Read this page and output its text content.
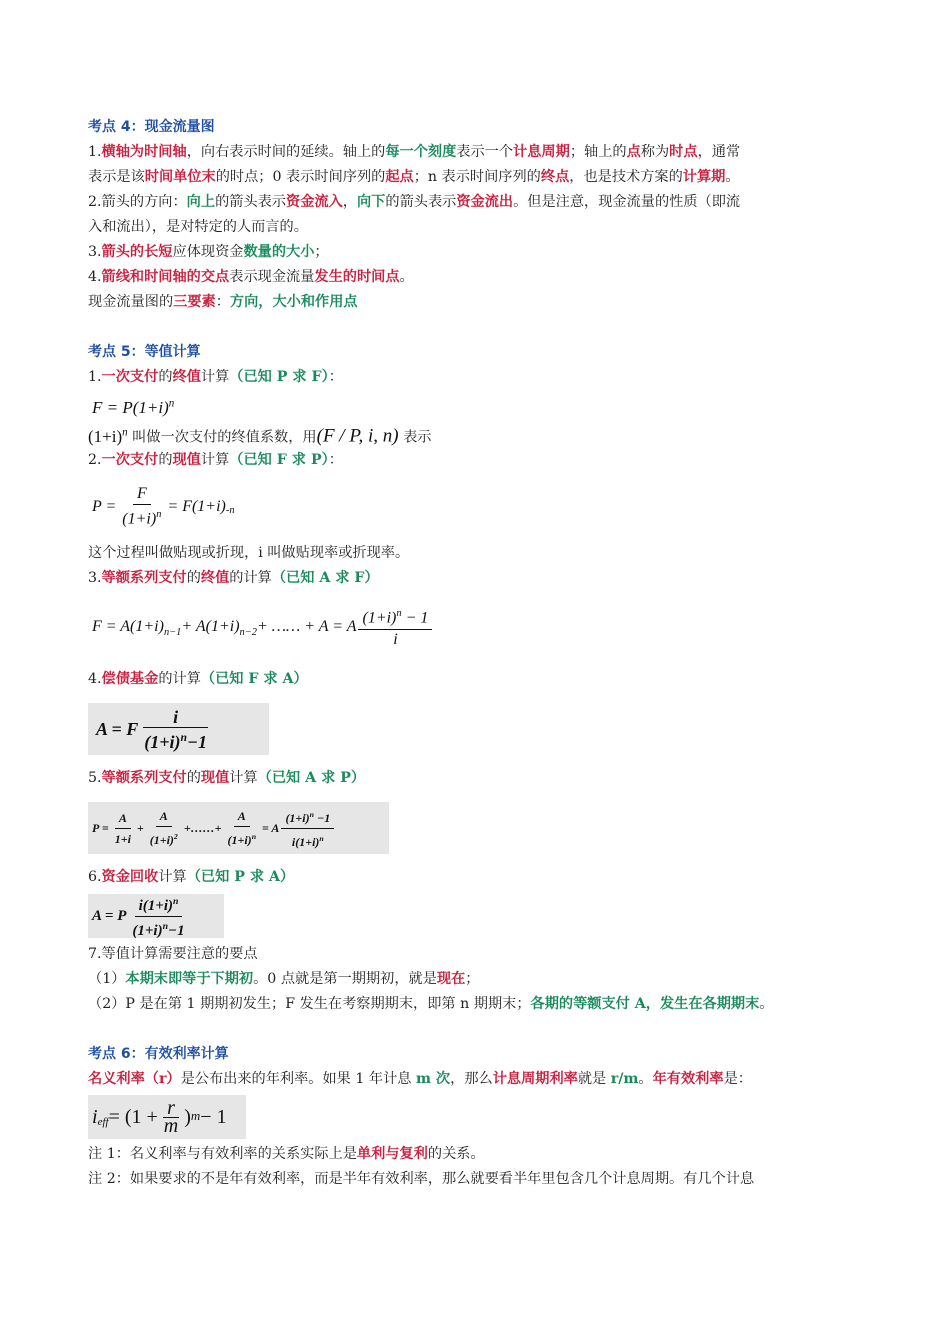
考点 4：现金流量图
1.横轴为时间轴，向右表示时间的延续。轴上的每一个刻度表示一个计息周期；轴上的点称为时点，通常
表示是该时间单位末的时点；0 表示时间序列的起点；n 表示时间序列的终点，也是技术方案的计算期。
2.箭头的方向：向上的箭头表示资金流入，向下的箭头表示资金流出。但是注意，现金流量的性质（即流
入和流出），是对特定的人而言的。
3.箭头的长短应体现资金数量的大小；
4.箭线和时间轴的交点表示现金流量发生的时间点。
现金流量图的三要素：方向，大小和作用点
考点 5：等值计算
1.一次支付的终值计算（已知 P 求 F）：
$F = P(1+i)^n$
$(1+i)^n$ 叫做一次支付的终值系数，用(F / P, i, n) 表示
2.一次支付的现值计算（已知 F 求 P）：
$P = \frac{F}{(1+i)^n} = F(1+i)_{-n}$
这个过程叫做贴现或折现，i 叫做贴现率或折现率。
3.等额系列支付的终值的计算（已知 A 求 F）
$F = A(1+i)_{n-1} + A(1+i)_{n-2}$ + …… + A = A $\frac{(1+i)^n - 1}{i}$
4.偿债基金的计算（已知 F 求 A）
A = F $\frac{i}{(1+i)^n-1}$
5.等额系列支付的现值计算（已知 A 求 P）
$P = \frac{A}{1+i} + \frac{A}{(1+i)^2}$ +……+ $\frac{A}{(1+i)^n} = A \frac{(1+i)^n -1}{i(1+i)^n}$
6.资金回收计算（已知 P 求 A）
A = P $\frac{i(1+i)^n}{(1+i)^n-1}$
7.等值计算需要注意的要点
（1）本期末即等于下期初。0 点就是第一期期初，就是现在；
（2）P 是在第 1 期期初发生；F 发生在考察期期末，即第 n 期期末；各期的等额支付 A，发生在各期期末。
考点 6：有效利率计算
名义利率（r）是公布出来的年利率。如果 1 年计息 m 次，那么计息周期利率就是 r/m。年有效利率是：
$i_{eff} = (1 + \frac{r}{m}$ ) m − 1
注 1：名义利率与有效利率的关系实际上是单利与复利的关系。
注 2：如果要求的不是年有效利率，而是半年有效利率，那么就要看半年里包含几个计息周期。有几个计息
